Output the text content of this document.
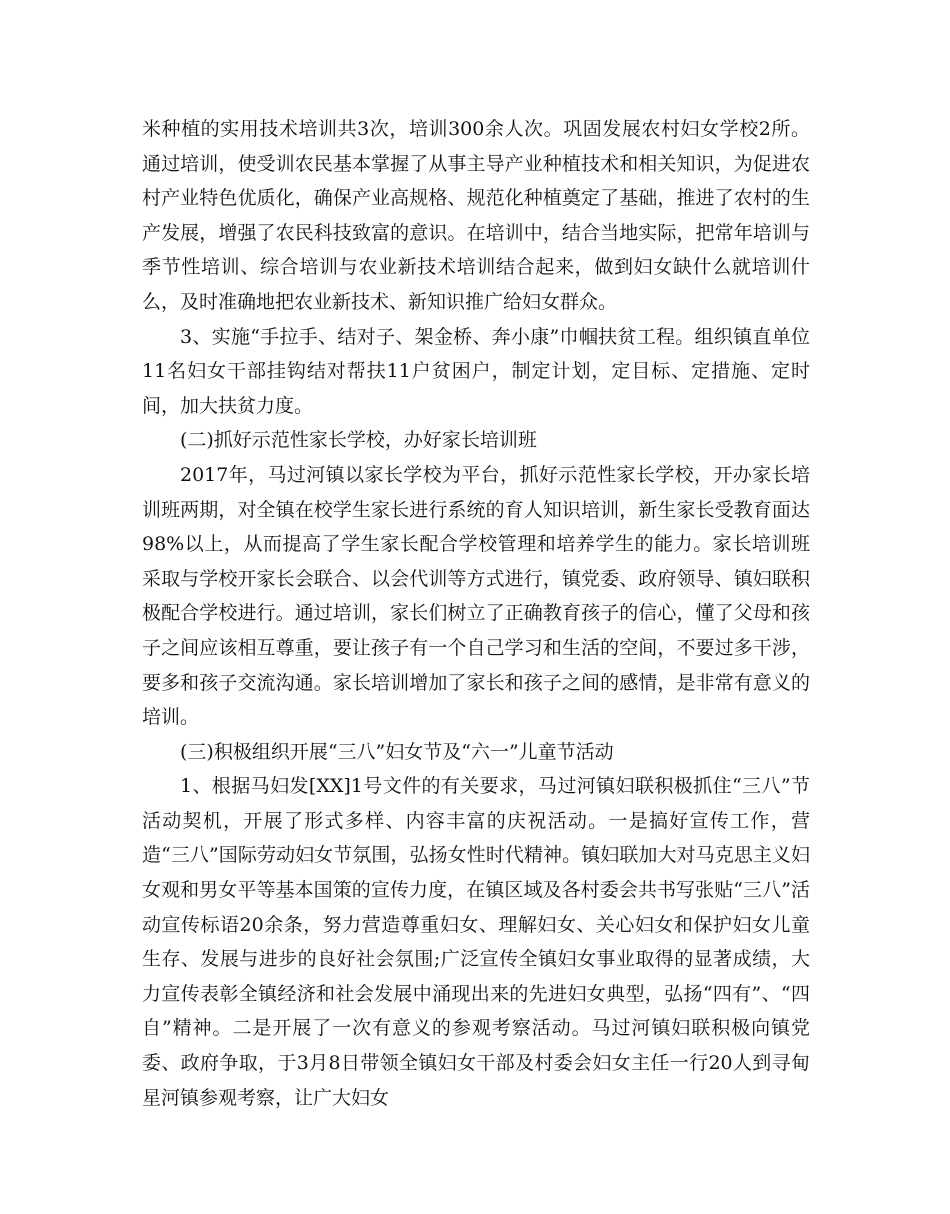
米种植的实用技术培训共3次，培训300余人次。巩固发展农村妇女学校2所。通过培训，使受训农民基本掌握了从事主导产业种植技术和相关知识，为促进农村产业特色优质化，确保产业高规格、规范化种植奠定了基础，推进了农村的生产发展，增强了农民科技致富的意识。在培训中，结合当地实际，把常年培训与季节性培训、综合培训与农业新技术培训结合起来，做到妇女缺什么就培训什么，及时准确地把农业新技术、新知识推广给妇女群众。

3、实施“手拉手、结对子、架金桥、奔小康”巾帼扶贫工程。组织镇直单位11名妇女干部挂钩结对帮扶11户贫困户，制定计划，定目标、定措施、定时间，加大扶贫力度。

(二)抓好示范性家长学校，办好家长培训班

2017年，马过河镇以家长学校为平台，抓好示范性家长学校，开办家长培训班两期，对全镇在校学生家长进行系统的育人知识培训，新生家长受教育面达98%以上，从而提高了学生家长配合学校管理和培养学生的能力。家长培训班采取与学校开家长会联合、以会代训等方式进行，镇党委、政府领导、镇妇联积极配合学校进行。通过培训，家长们树立了正确教育孩子的信心，懂了父母和孩子之间应该相互尊重，要让孩子有一个自己学习和生活的空间，不要过多干涉，要多和孩子交流沟通。家长培训增加了家长和孩子之间的感情，是非常有意义的培训。

(三)积极组织开展“三八”妇女节及“六一”儿童节活动

1、根据马妇发[XX]1号文件的有关要求，马过河镇妇联积极抓住“三八”节活动契机，开展了形式多样、内容丰富的庆祝活动。一是搞好宣传工作，营造“三八”国际劳动妇女节氛围，弘扬女性时代精神。镇妇联加大对马克思主义妇女观和男女平等基本国策的宣传力度，在镇区域及各村委会共书写张贴“三八”活动宣传标语20余条，努力营造尊重妇女、理解妇女、关心妇女和保护妇女儿童生存、发展与进步的良好社会氛围;广泛宣传全镇妇女事业取得的显著成绩，大力宣传表彰全镇经济和社会发展中涌现出来的先进妇女典型，弘扬“四有”、“四自”精神。二是开展了一次有意义的参观考察活动。马过河镇妇联积极向镇党委、政府争取，于3月8日带领全镇妇女干部及村委会妇女主任一行20人到寻甸星河镇参观考察，让广大妇女
